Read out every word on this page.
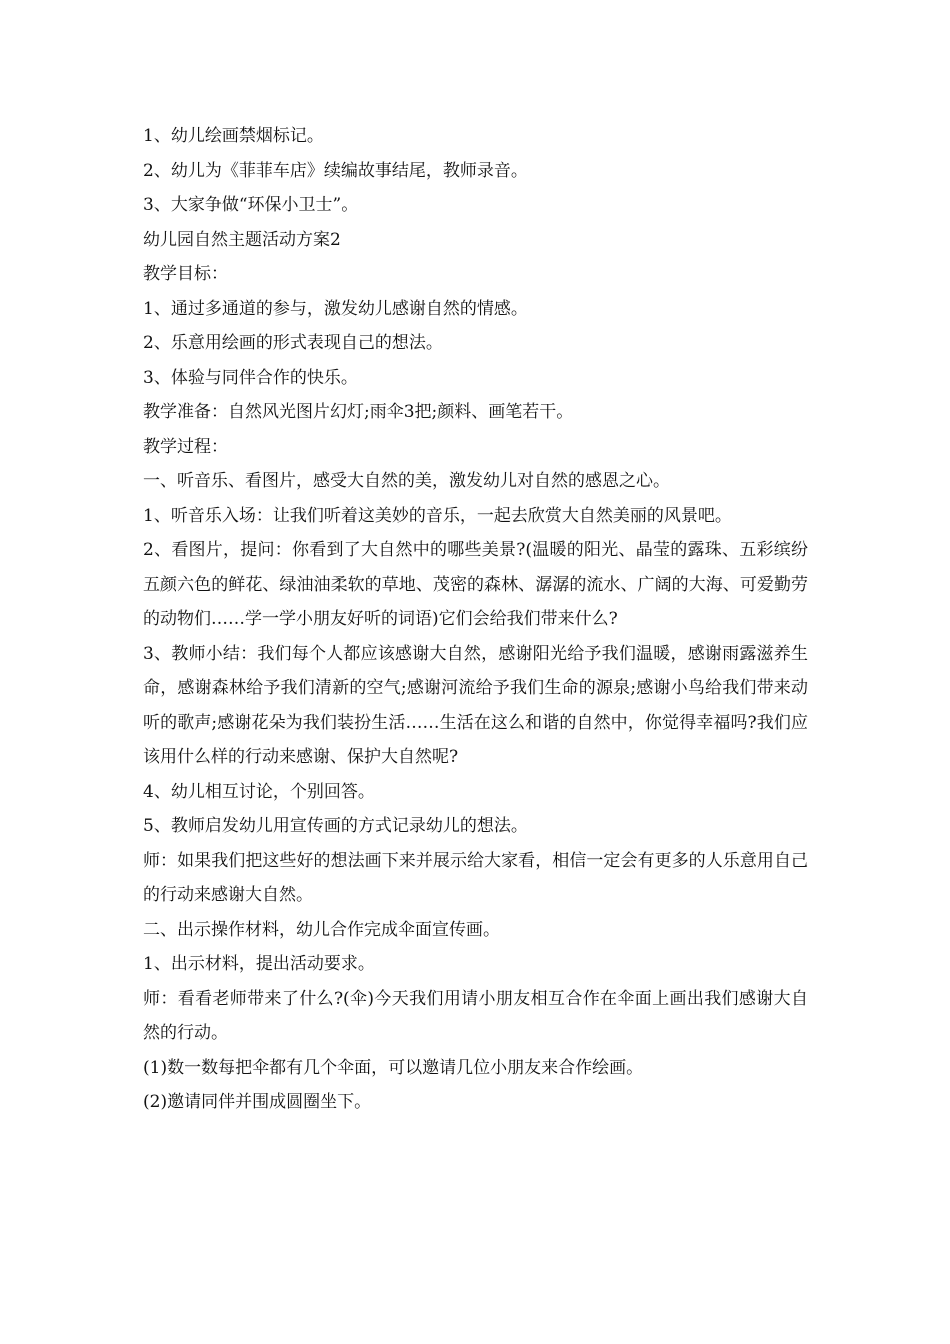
1、幼儿绘画禁烟标记。

2、幼儿为《菲菲车店》续编故事结尾，教师录音。

3、大家争做“环保小卫士”。

幼儿园自然主题活动方案2

教学目标：

1、通过多通道的参与，激发幼儿感谢自然的情感。

2、乐意用绘画的形式表现自己的想法。

3、体验与同伴合作的快乐。

教学准备：自然风光图片幻灯;雨伞3把;颜料、画笔若干。

教学过程：

一、听音乐、看图片，感受大自然的美，激发幼儿对自然的感恩之心。

1、听音乐入场：让我们听着这美妙的音乐，一起去欣赏大自然美丽的风景吧。

2、看图片，提问：你看到了大自然中的哪些美景?(温暖的阳光、晶莹的露珠、五彩缤纷五颜六色的鲜花、绿油油柔软的草地、茂密的森林、潺潺的流水、广阔的大海、可爱勤劳的动物们……学一学小朋友好听的词语)它们会给我们带来什么?

3、教师小结：我们每个人都应该感谢大自然，感谢阳光给予我们温暖，感谢雨露滋养生命，感谢森林给予我们清新的空气;感谢河流给予我们生命的源泉;感谢小鸟给我们带来动听的歌声;感谢花朵为我们装扮生活……生活在这么和谐的自然中，你觉得幸福吗?我们应该用什么样的行动来感谢、保护大自然呢?

4、幼儿相互讨论，个别回答。

5、教师启发幼儿用宣传画的方式记录幼儿的想法。

师：如果我们把这些好的想法画下来并展示给大家看，相信一定会有更多的人乐意用自己的行动来感谢大自然。

二、出示操作材料，幼儿合作完成伞面宣传画。

1、出示材料，提出活动要求。

师：看看老师带来了什么?(伞)今天我们用请小朋友相互合作在伞面上画出我们感谢大自然的行动。

(1)数一数每把伞都有几个伞面，可以邀请几位小朋友来合作绘画。

(2)邀请同伴并围成圆圈坐下。
